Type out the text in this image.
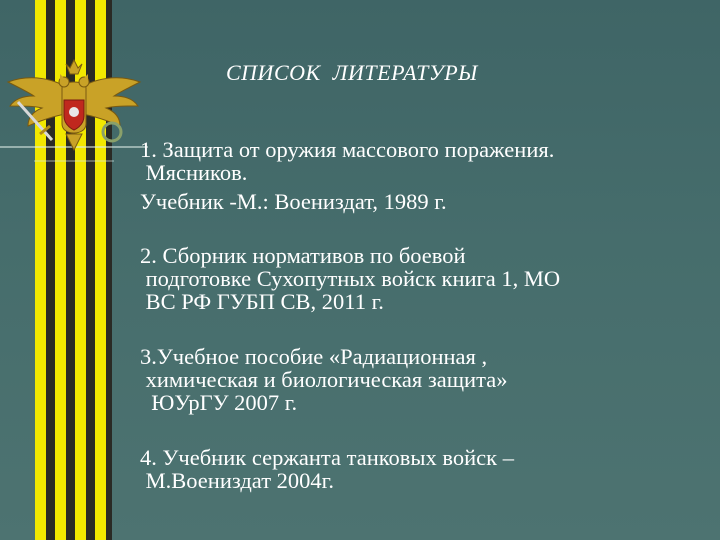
СПИСОК  ЛИТЕРАТУРЫ

1. Защита от оружия массового поражения.

Мясников.

Учебник -М.: Воениздат, 1989 г.

2. Сборник нормативов по боевой

подготовке Сухопутных войск книга 1, МО

ВС РФ ГУБП СВ, 2011 г.

3.Учебное пособие «Радиационная ,

химическая и биологическая защита»

ЮУрГУ 2007 г.

4. Учебник сержанта танковых войск –

М.Воениздат 2004г.
